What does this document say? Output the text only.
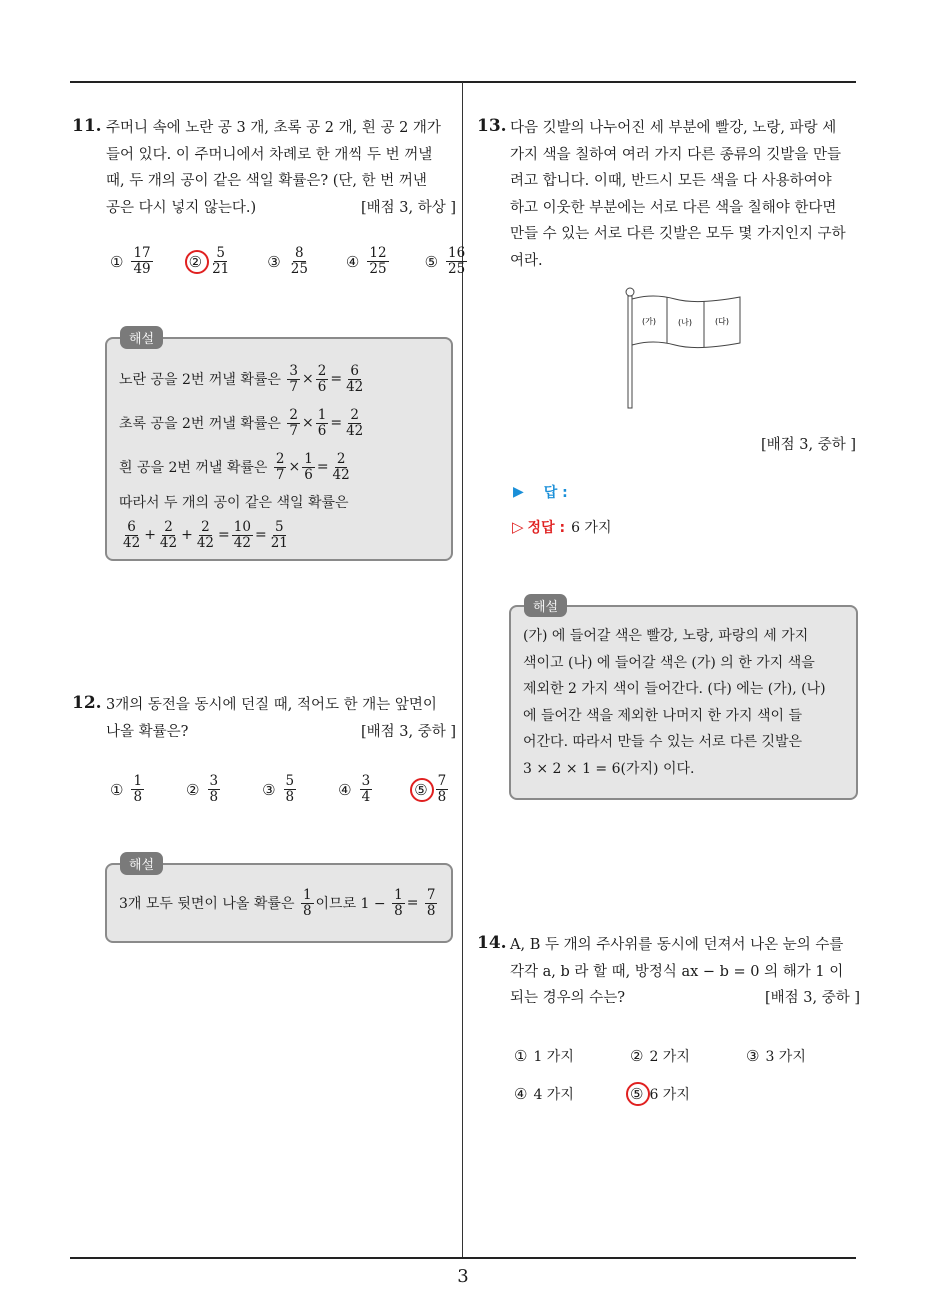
11. 주머니 속에 노란 공 3 개, 초록 공 2 개, 흰 공 2 개가
들어 있다. 이 주머니에서 차례로 한 개씩 두 번 꺼낼
때, 두 개의 공이 같은 색일 확률은? (단, 한 번 꺼낸
공은 다시 넣지 않는다.)	[배점 3, 하상 ]
① $\frac{17}{49}$ ② $\frac{5}{21}$ ③ $\frac{8}{25}$ ④ $\frac{12}{25}$ ⑤ $\frac{16}{25}$
노란 공을 2번 꺼낼 확률은
$\frac{3}{7} \times \frac{2}{6} = \frac{6}{42}$
초록 공을 2번 꺼낼 확률은
$\frac{2}{7} \times \frac{1}{6} = \frac{2}{42}$
흰 공을 2번 꺼낼 확률은
$\frac{2}{7} \times \frac{1}{6} = \frac{2}{42}$
따라서 두 개의 공이 같은 색일 확률은
$\frac{6}{42} + \frac{2}{42} + \frac{2}{42} = \frac{10}{42} = \frac{5}{21}$
해설
12. 3개의 동전을 동시에 던질 때, 적어도 한 개는 앞면이
나올 확률은?	[배점 3, 중하 ]
① $\frac{1}{8}$	② $\frac{3}{8}$	③ $\frac{5}{8}$	④ $\frac{3}{4}$	⑤ $\frac{7}{8}$
3개 모두 뒷면이 나올 확률은
$\frac{1}{8}$ 이므로 1 −
$\frac{1}{8}$ =
$\frac{7}{8}$
해설
13. 다음 깃발의 나누어진 세 부분에 빨강, 노랑, 파랑 세
가지 색을 칠하여 여러 가지 다른 종류의 깃발을 만들
려고 합니다. 이때, 반드시 모든 색을 다 사용하여야
하고 이웃한 부분에는 서로 다른 색을 칠해야 한다면
만들 수 있는 서로 다른 깃발은 모두 몇 가지인지 구하
여라.
(가)	(나)	(다)
[배점 3, 중하 ]
▶ 답 :
▷ 정답 : 6 가지
(가) 에 들어갈 색은 빨강, 노랑, 파랑의 세 가지
색이고 (나) 에 들어갈 색은 (가) 의 한 가지 색을
제외한 2 가지 색이 들어간다. (다) 에는 (가), (나)
에 들어간 색을 제외한 나머지 한 가지 색이 들
어간다. 따라서 만들 수 있는 서로 다른 깃발은
3 × 2 × 1 = 6(가지) 이다.
해설
14. A, B 두 개의 주사위를 동시에 던져서 나온 눈의 수를
각각 a, b 라 할 때, 방정식 ax − b = 0 의 해가 1 이
되는 경우의 수는?	[배점 3, 중하 ]
① 1 가지	② 2 가지	③ 3 가지
④ 4 가지	⑤ 6 가지
3
